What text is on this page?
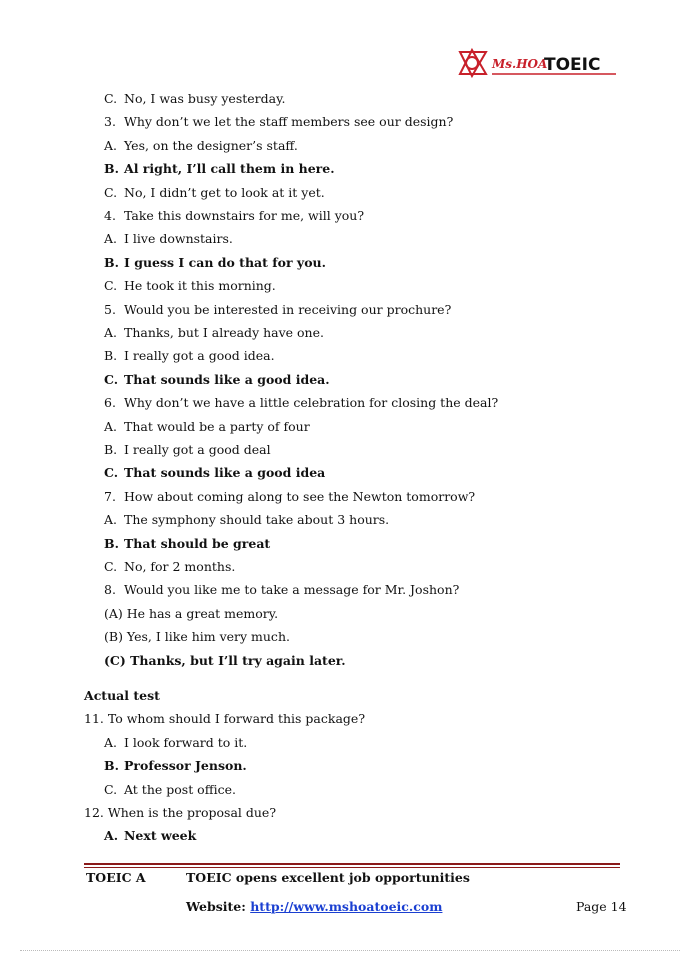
Ms.HOA
TOEIC
C. No, I was busy yesterday.
3. Why don’t we let the staff members see our design?
A. Yes, on the designer’s staff.
B. Al right, I’ll call them in here.
C. No, I didn’t get to look at it yet.
4. Take this downstairs for me, will you?
A. I live downstairs.
B. I guess I can do that for you.
C. He took it this morning.
5. Would you be interested in receiving our prochure?
A. Thanks, but I already have one.
B. I really got a good idea.
C. That sounds like a good idea.
6. Why don’t we have a little celebration for closing the deal?
A. That would be a party of four
B. I really got a good deal
C. That sounds like a good idea
7. How about coming along to see the Newton tomorrow?
A. The symphony should take about 3 hours.
B. That should be great
C. No, for 2 months.
8. Would you like me to take a message for Mr. Joshon?
(A) He has a great memory.
(B) Yes, I like him very much.
(C) Thanks, but I’ll try again later.
Actual test
11. To whom should I forward this package?
A. I look forward to it.
B. Professor Jenson.
C. At the post office.
12. When is the proposal due?
A. Next week
TOEIC A	TOEIC opens excellent job opportunities
Website: http://www.mshoatoeic.com	Page 14
